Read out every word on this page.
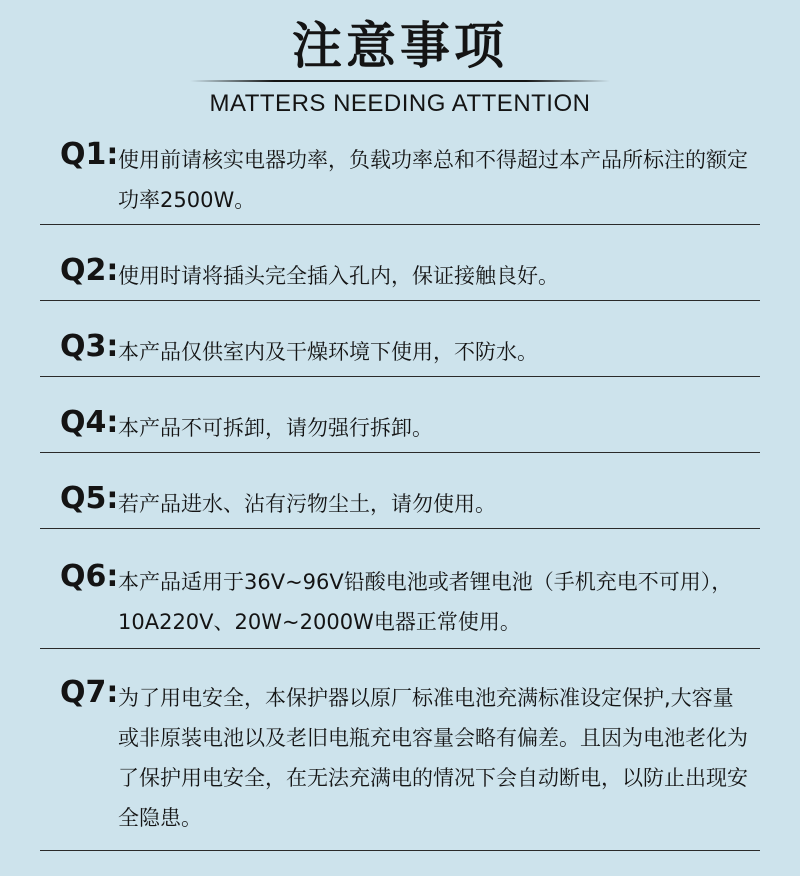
注意事项
MATTERS NEEDING ATTENTION
Q1: 使用前请核实电器功率，负载功率总和不得超过本产品所标注的额定功率2500W。
Q2: 使用时请将插头完全插入孔内，保证接触良好。
Q3: 本产品仅供室内及干燥环境下使用，不防水。
Q4: 本产品不可拆卸，请勿强行拆卸。
Q5: 若产品进水、沾有污物尘土，请勿使用。
Q6: 本产品适用于36V~96V铅酸电池或者锂电池（手机充电不可用），10A220V、20W~2000W电器正常使用。
Q7: 为了用电安全，本保护器以原厂标准电池充满标准设定保护,大容量或非原装电池以及老旧电瓶充电容量会略有偏差。且因为电池老化为了保护用电安全，在无法充满电的情况下会自动断电，以防止出现安全隐患。
